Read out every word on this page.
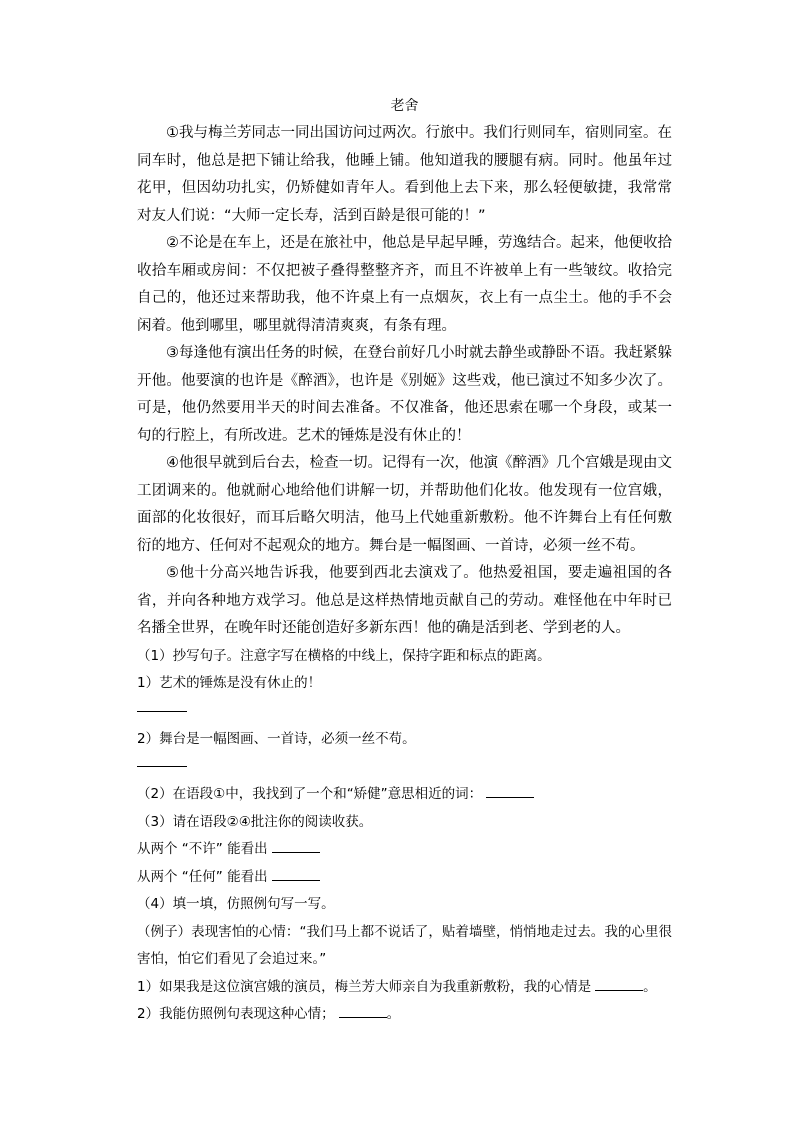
老舍

①我与梅兰芳同志一同出国访问过两次。行旅中。我们行则同车，宿则同室。在同车时，他总是把下铺让给我，他睡上铺。他知道我的腰腿有病。同时。他虽年过花甲，但因幼功扎实，仍矫健如青年人。看到他上去下来，那么轻便敏捷，我常常对友人们说：“大师一定长寿，活到百龄是很可能的！”

②不论是在车上，还是在旅社中，他总是早起早睡，劳逸结合。起来，他便收拾收拾车厢或房间：不仅把被子叠得整整齐齐，而且不许被单上有一些皱纹。收拾完自己的，他还过来帮助我，他不许桌上有一点烟灰，衣上有一点尘土。他的手不会闲着。他到哪里，哪里就得清清爽爽，有条有理。

③每逢他有演出任务的时候，在登台前好几小时就去静坐或静卧不语。我赶紧躲开他。他要演的也许是《醉酒》，也许是《别姬》这些戏，他已演过不知多少次了。可是，他仍然要用半天的时间去准备。不仅准备，他还思索在哪一个身段，或某一句的行腔上，有所改进。艺术的锤炼是没有休止的！

④他很早就到后台去，检查一切。记得有一次，他演《醉酒》几个宫娥是现由文工团调来的。他就耐心地给他们讲解一切，并帮助他们化妆。他发现有一位宫娥，面部的化妆很好，而耳后略欠明洁，他马上代她重新敷粉。他不许舞台上有任何敷衍的地方、任何对不起观众的地方。舞台是一幅图画、一首诗，必须一丝不苟。

⑤他十分高兴地告诉我，他要到西北去演戏了。他热爱祖国，要走遍祖国的各省，并向各种地方戏学习。他总是这样热情地贡献自己的劳动。难怪他在中年时已名播全世界，在晚年时还能创造好多新东西！他的确是活到老、学到老的人。

（1）抄写句子。注意字写在横格的中线上，保持字距和标点的距离。

1）艺术的锤炼是没有休止的！

2）舞台是一幅图画、一首诗，必须一丝不苟。

（2）在语段①中，我找到了一个和“矫健”意思相近的词：

（3）请在语段②④批注你的阅读收获。

从两个 “不许” 能看出

从两个 “任何” 能看出

（4）填一填，仿照例句写一写。

（例子）表现害怕的心情：“我们马上都不说话了，贴着墙壁，悄悄地走过去。我的心里很害怕，怕它们看见了会追过来。”

1）如果我是这位演宫娥的演员，梅兰芳大师亲自为我重新敷粉，我的心情是	。

2）我能仿照例句表现这种心情；	。
